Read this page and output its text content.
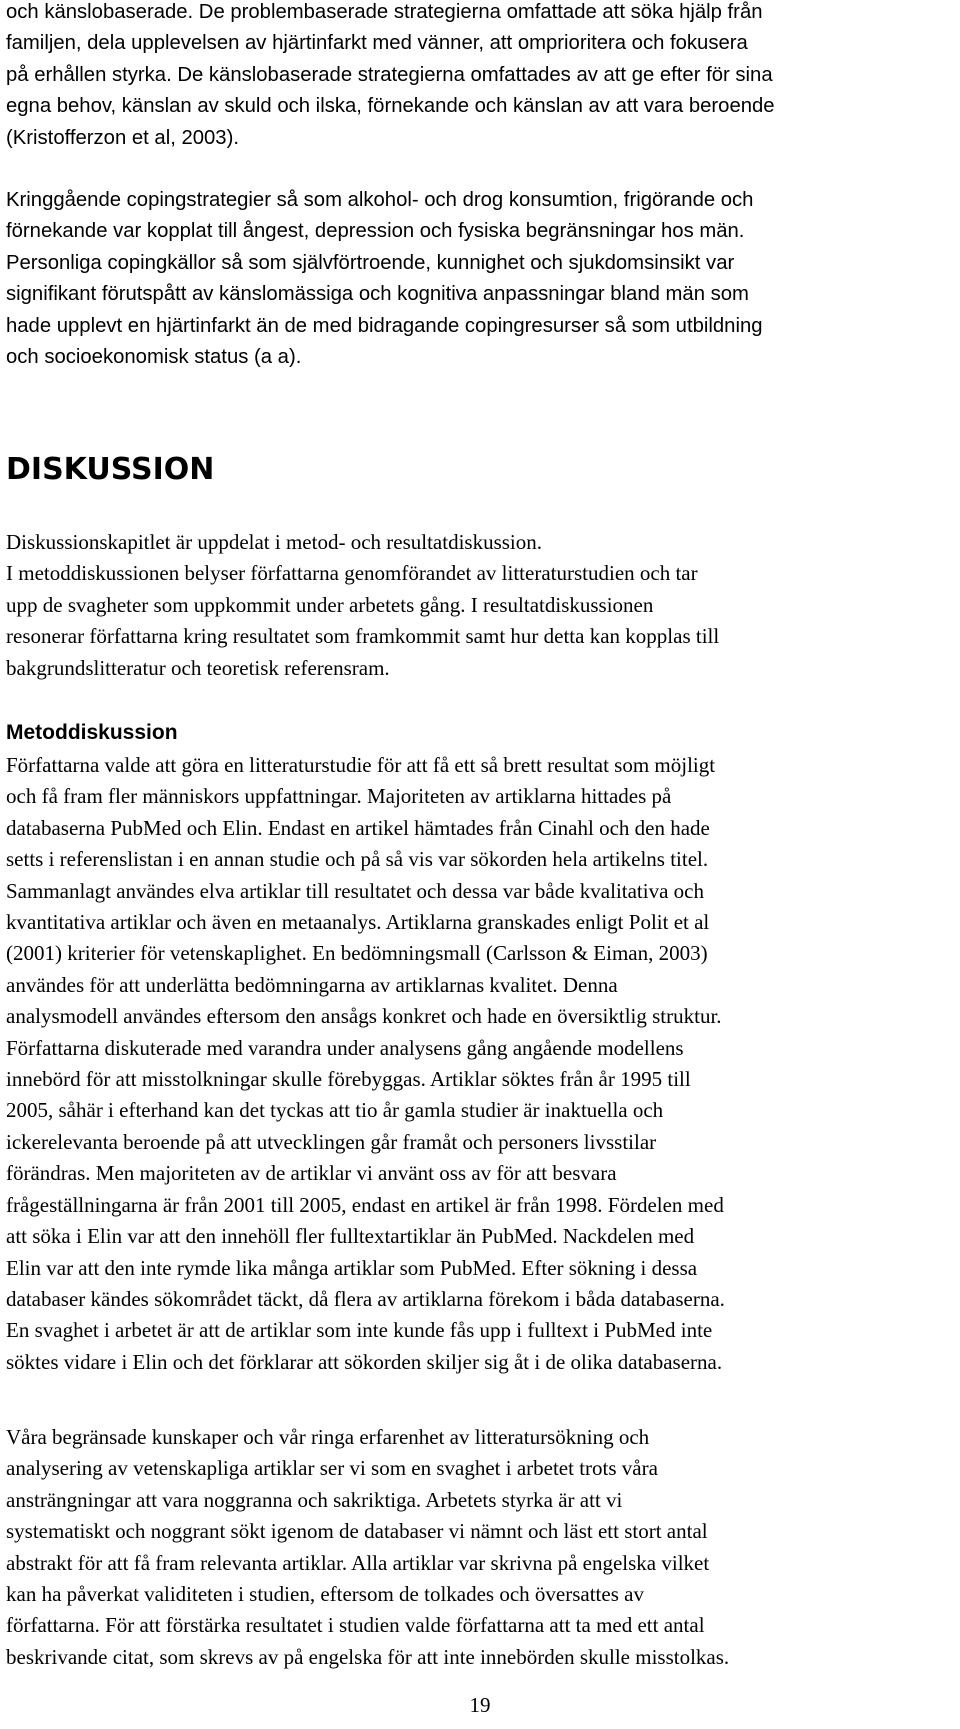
och känslobaserade. De problembaserade strategierna omfattade att söka hjälp från
familjen, dela upplevelsen av hjärtinfarkt med vänner, att omprioritera och fokusera
på erhållen styrka. De känslobaserade strategierna omfattades av att ge efter för sina
egna behov, känslan av skuld och ilska, förnekande och känslan av att vara beroende
(Kristofferzon et al, 2003).

Kringgående copingstrategier så som alkohol- och drog konsumtion, frigörande och
förnekande var kopplat till ångest, depression och fysiska begränsningar hos män.
Personliga copingkällor så som självförtroende, kunnighet och sjukdomsinsikt var
signifikant förutspått av känslomässiga och kognitiva anpassningar bland män som
hade upplevt en hjärtinfarkt än de med bidragande copingresurser så som utbildning
och socioekonomisk status (a a).

DISKUSSION

Diskussionskapitlet är uppdelat i metod- och resultatdiskussion.
I metoddiskussionen belyser författarna genomförandet av litteraturstudien och tar
upp de svagheter som uppkommit under arbetets gång. I resultatdiskussionen
resonerar författarna kring resultatet som framkommit samt hur detta kan kopplas till
bakgrundslitteratur och teoretisk referensram.

Metoddiskussion

Författarna valde att göra en litteraturstudie för att få ett så brett resultat som möjligt
och få fram fler människors uppfattningar. Majoriteten av artiklarna hittades på
databaserna PubMed och Elin. Endast en artikel hämtades från Cinahl och den hade
setts i referenslistan i en annan studie och på så vis var sökorden hela artikelns titel.
Sammanlagt användes elva artiklar till resultatet och dessa var både kvalitativa och
kvantitativa artiklar och även en metaanalys. Artiklarna granskades enligt Polit et al
(2001) kriterier för vetenskaplighet. En bedömningsmall (Carlsson & Eiman, 2003)
användes för att underlätta bedömningarna av artiklarnas kvalitet. Denna
analysmodell användes eftersom den ansågs konkret och hade en översiktlig struktur.
Författarna diskuterade med varandra under analysens gång angående modellens
innebörd för att misstolkningar skulle förebyggas. Artiklar söktes från år 1995 till
2005, såhär i efterhand kan det tyckas att tio år gamla studier är inaktuella och
ickerelevanta beroende på att utvecklingen går framåt och personers livsstilar
förändras. Men majoriteten av de artiklar vi använt oss av för att besvara
frågeställningarna är från 2001 till 2005, endast en artikel är från 1998. Fördelen med
att söka i Elin var att den innehöll fler fulltextartiklar än PubMed. Nackdelen med
Elin var att den inte rymde lika många artiklar som PubMed. Efter sökning i dessa
databaser kändes sökområdet täckt, då flera av artiklarna förekom i båda databaserna.
En svaghet i arbetet är att de artiklar som inte kunde fås upp i fulltext i PubMed inte
söktes vidare i Elin och det förklarar att sökorden skiljer sig åt i de olika databaserna.

Våra begränsade kunskaper och vår ringa erfarenhet av litteratursökning och
analysering av vetenskapliga artiklar ser vi som en svaghet i arbetet trots våra
ansträngningar att vara noggranna och sakriktiga. Arbetets styrka är att vi
systematiskt och noggrant sökt igenom de databaser vi nämnt och läst ett stort antal
abstrakt för att få fram relevanta artiklar. Alla artiklar var skrivna på engelska vilket
kan ha påverkat validiteten i studien, eftersom de tolkades och översattes av
författarna. För att förstärka resultatet i studien valde författarna att ta med ett antal
beskrivande citat, som skrevs av på engelska för att inte innebörden skulle misstolkas.

19
